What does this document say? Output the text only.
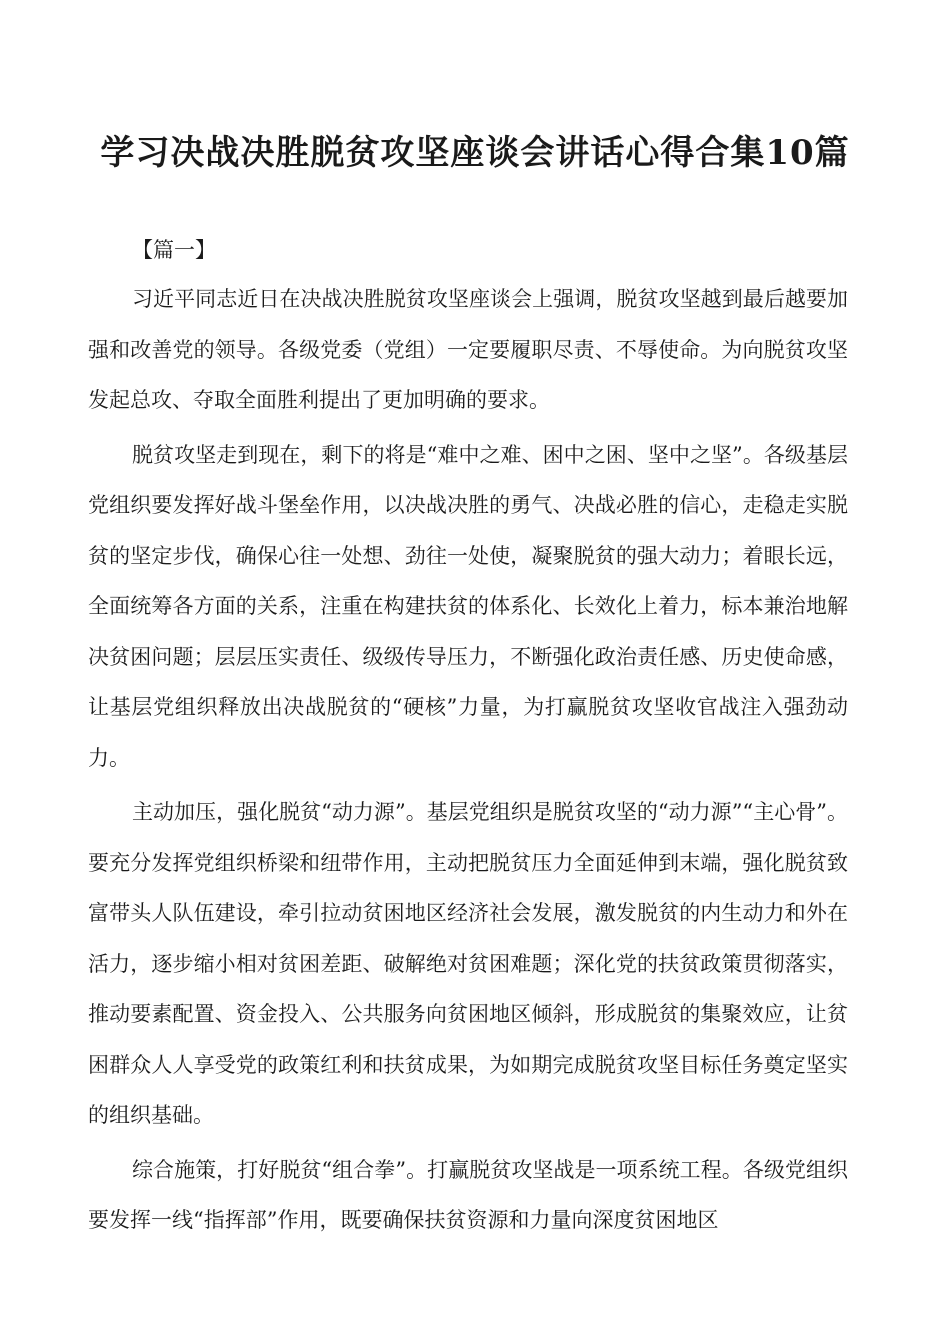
学习决战决胜脱贫攻坚座谈会讲话心得合集10篇

【篇一】

习近平同志近日在决战决胜脱贫攻坚座谈会上强调，脱贫攻坚越到最后越要加强和改善党的领导。各级党委（党组）一定要履职尽责、不辱使命。为向脱贫攻坚发起总攻、夺取全面胜利提出了更加明确的要求。

脱贫攻坚走到现在，剩下的将是“难中之难、困中之困、坚中之坚”。各级基层党组织要发挥好战斗堡垒作用，以决战决胜的勇气、决战必胜的信心，走稳走实脱贫的坚定步伐，确保心往一处想、劲往一处使，凝聚脱贫的强大动力；着眼长远，全面统筹各方面的关系，注重在构建扶贫的体系化、长效化上着力，标本兼治地解决贫困问题；层层压实责任、级级传导压力，不断强化政治责任感、历史使命感，让基层党组织释放出决战脱贫的“硬核”力量，为打赢脱贫攻坚收官战注入强劲动力。

主动加压，强化脱贫“动力源”。基层党组织是脱贫攻坚的“动力源”“主心骨”。要充分发挥党组织桥梁和纽带作用，主动把脱贫压力全面延伸到末端，强化脱贫致富带头人队伍建设，牵引拉动贫困地区经济社会发展，激发脱贫的内生动力和外在活力，逐步缩小相对贫困差距、破解绝对贫困难题；深化党的扶贫政策贯彻落实，推动要素配置、资金投入、公共服务向贫困地区倾斜，形成脱贫的集聚效应，让贫困群众人人享受党的政策红利和扶贫成果，为如期完成脱贫攻坚目标任务奠定坚实的组织基础。

综合施策，打好脱贫“组合拳”。打赢脱贫攻坚战是一项系统工程。各级党组织要发挥一线“指挥部”作用，既要确保扶贫资源和力量向深度贫困地区
